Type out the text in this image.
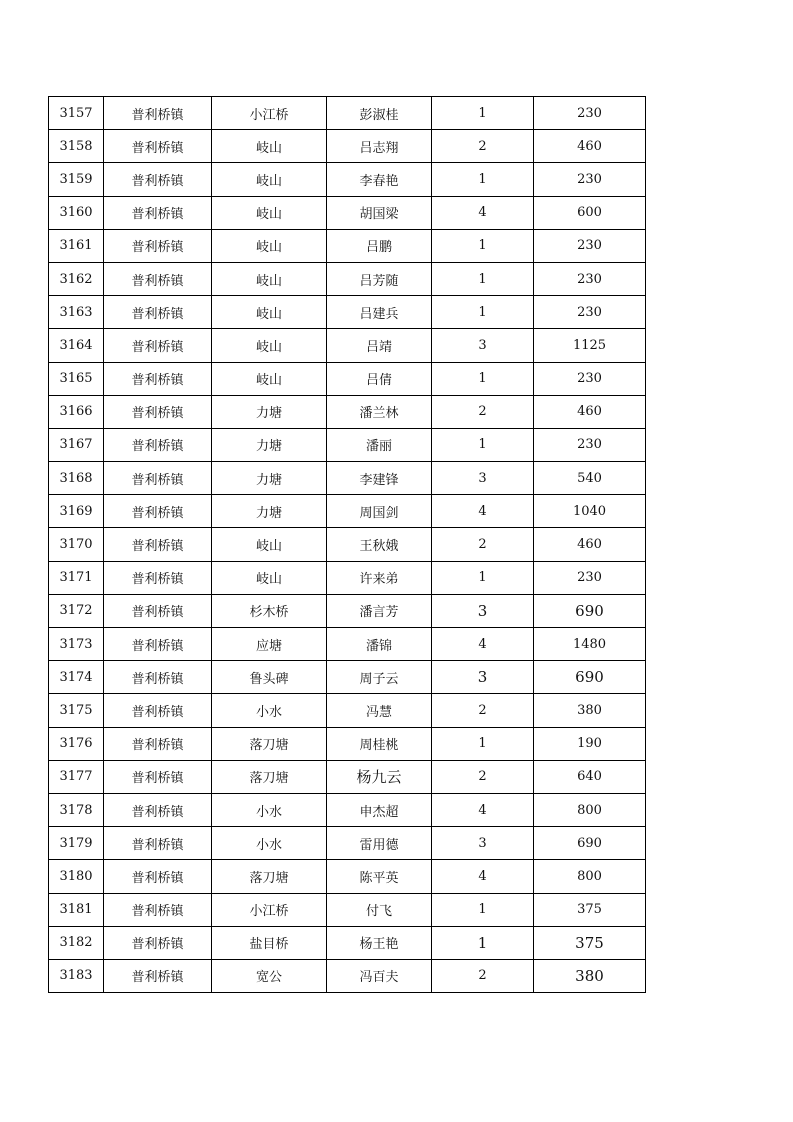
3157	普利桥镇	小江桥	彭淑桂	1	230
3158	普利桥镇	岐山	吕志翔	2	460
3159	普利桥镇	岐山	李春艳	1	230
3160	普利桥镇	岐山	胡国梁	4	600
3161	普利桥镇	岐山	吕鹏	1	230
3162	普利桥镇	岐山	吕芳随	1	230
3163	普利桥镇	岐山	吕建兵	1	230
3164	普利桥镇	岐山	吕靖	3	1125
3165	普利桥镇	岐山	吕倩	1	230
3166	普利桥镇	力塘	潘兰林	2	460
3167	普利桥镇	力塘	潘丽	1	230
3168	普利桥镇	力塘	李建锋	3	540
3169	普利桥镇	力塘	周国剑	4	1040
3170	普利桥镇	岐山	王秋娥	2	460
3171	普利桥镇	岐山	许来弟	1	230
3172	普利桥镇	杉木桥	潘言芳	3	690
3173	普利桥镇	应塘	潘锦	4	1480
3174	普利桥镇	鲁头碑	周子云	3	690
3175	普利桥镇	小水	冯慧	2	380
3176	普利桥镇	落刀塘	周桂桃	1	190
3177	普利桥镇	落刀塘	杨九云	2	640
3178	普利桥镇	小水	申杰超	4	800
3179	普利桥镇	小水	雷用德	3	690
3180	普利桥镇	落刀塘	陈平英	4	800
3181	普利桥镇	小江桥	付飞	1	375
3182	普利桥镇	盐目桥	杨王艳	1	375
3183	普利桥镇	宽公	冯百夫	2	380
